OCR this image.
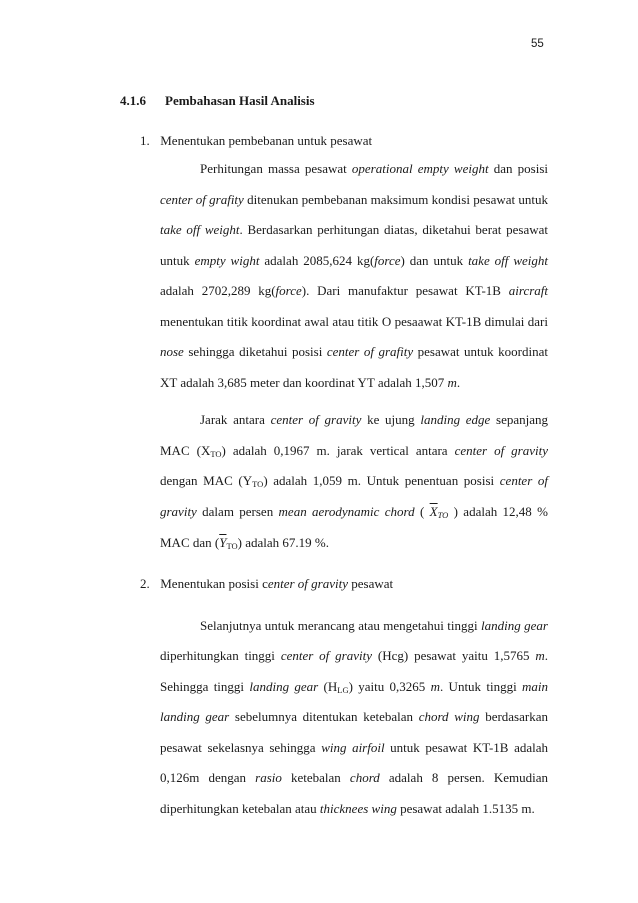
55
4.1.6 Pembahasan Hasil Analisis
1. Menentukan pembebanan untuk pesawat
Perhitungan massa pesawat operational empty weight dan posisi
center of grafity ditenukan pembebanan maksimum kondisi pesawat untuk
take off weight. Berdasarkan perhitungan diatas, diketahui berat pesawat
untuk empty wight adalah 2085,624 kg(force) dan untuk take off weight
adalah 2702,289 kg(force). Dari manufaktur pesawat KT-1B aircraft
menentukan titik koordinat awal atau titik O pesaawat KT-1B dimulai dari
nose sehingga diketahui posisi center of grafity pesawat untuk koordinat
XT adalah 3,685 meter dan koordinat YT adalah 1,507 m.
Jarak antara center of gravity ke ujung landing edge sepanjang
MAC $(X_{TO})$ adalah 0,1967 m. jarak vertical antara center of gravity
dengan MAC $(Y_{TO})$ adalah 1,059 m. Untuk penentuan posisi center of
gravity dalam persen mean aerodynamic chord ( $\overline{X}_{TO}$ ) adalah 12,48 %
MAC dan $(\overline{Y}_{TO})$ adalah 67.19 %.
2. Menentukan posisi center of gravity pesawat
Selanjutnya untuk merancang atau mengetahui tinggi landing gear
diperhitungkan tinggi center of gravity (Hcg) pesawat yaitu 1,5765 m.
Sehingga tinggi landing gear $(H_{LG})$ yaitu 0,3265 m. Untuk tinggi main
landing gear sebelumnya ditentukan ketebalan chord wing berdasarkan
pesawat sekelasnya sehingga wing airfoil untuk pesawat KT-1B adalah
0,126m dengan rasio ketebalan chord adalah 8 persen. Kemudian
diperhitungkan ketebalan atau thicknees wing pesawat adalah 1.5135 m.
